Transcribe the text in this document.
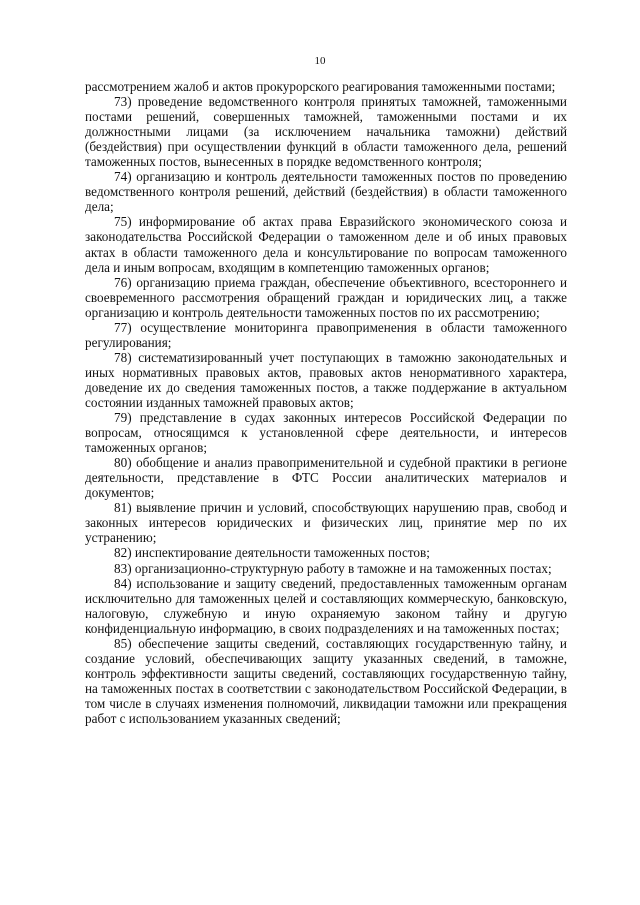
10

рассмотрением жалоб и актов прокурорского реагирования таможенными постами;

73) проведение ведомственного контроля принятых таможней, таможенными постами решений, совершенных таможней, таможенными постами и их должностными лицами (за исключением начальника таможни) действий (бездействия) при осуществлении функций в области таможенного дела, решений таможенных постов, вынесенных в порядке ведомственного контроля;

74) организацию и контроль деятельности таможенных постов по проведению ведомственного контроля решений, действий (бездействия) в области таможенного дела;

75) информирование об актах права Евразийского экономического союза и законодательства Российской Федерации о таможенном деле и об иных правовых актах в области таможенного дела и консультирование по вопросам таможенного дела и иным вопросам, входящим в компетенцию таможенных органов;

76) организацию приема граждан, обеспечение объективного, всестороннего и своевременного рассмотрения обращений граждан и юридических лиц, а также организацию и контроль деятельности таможенных постов по их рассмотрению;

77) осуществление мониторинга правоприменения в области таможенного регулирования;

78) систематизированный учет поступающих в таможню законодательных и иных нормативных правовых актов, правовых актов ненормативного характера, доведение их до сведения таможенных постов, а также поддержание в актуальном состоянии изданных таможней правовых актов;

79) представление в судах законных интересов Российской Федерации по вопросам, относящимся к установленной сфере деятельности, и интересов таможенных органов;

80) обобщение и анализ правоприменительной и судебной практики в регионе деятельности, представление в ФТС России аналитических материалов и документов;

81) выявление причин и условий, способствующих нарушению прав, свобод и законных интересов юридических и физических лиц, принятие мер по их устранению;

82) инспектирование деятельности таможенных постов;

83) организационно-структурную работу в таможне и на таможенных постах;

84) использование и защиту сведений, предоставленных таможенным органам исключительно для таможенных целей и составляющих коммерческую, банковскую, налоговую, служебную и иную охраняемую законом тайну и другую конфиденциальную информацию, в своих подразделениях и на таможенных постах;

85) обеспечение защиты сведений, составляющих государственную тайну, и создание условий, обеспечивающих защиту указанных сведений, в таможне, контроль эффективности защиты сведений, составляющих государственную тайну, на таможенных постах в соответствии с законодательством Российской Федерации, в том числе в случаях изменения полномочий, ликвидации таможни или прекращения работ с использованием указанных сведений;
